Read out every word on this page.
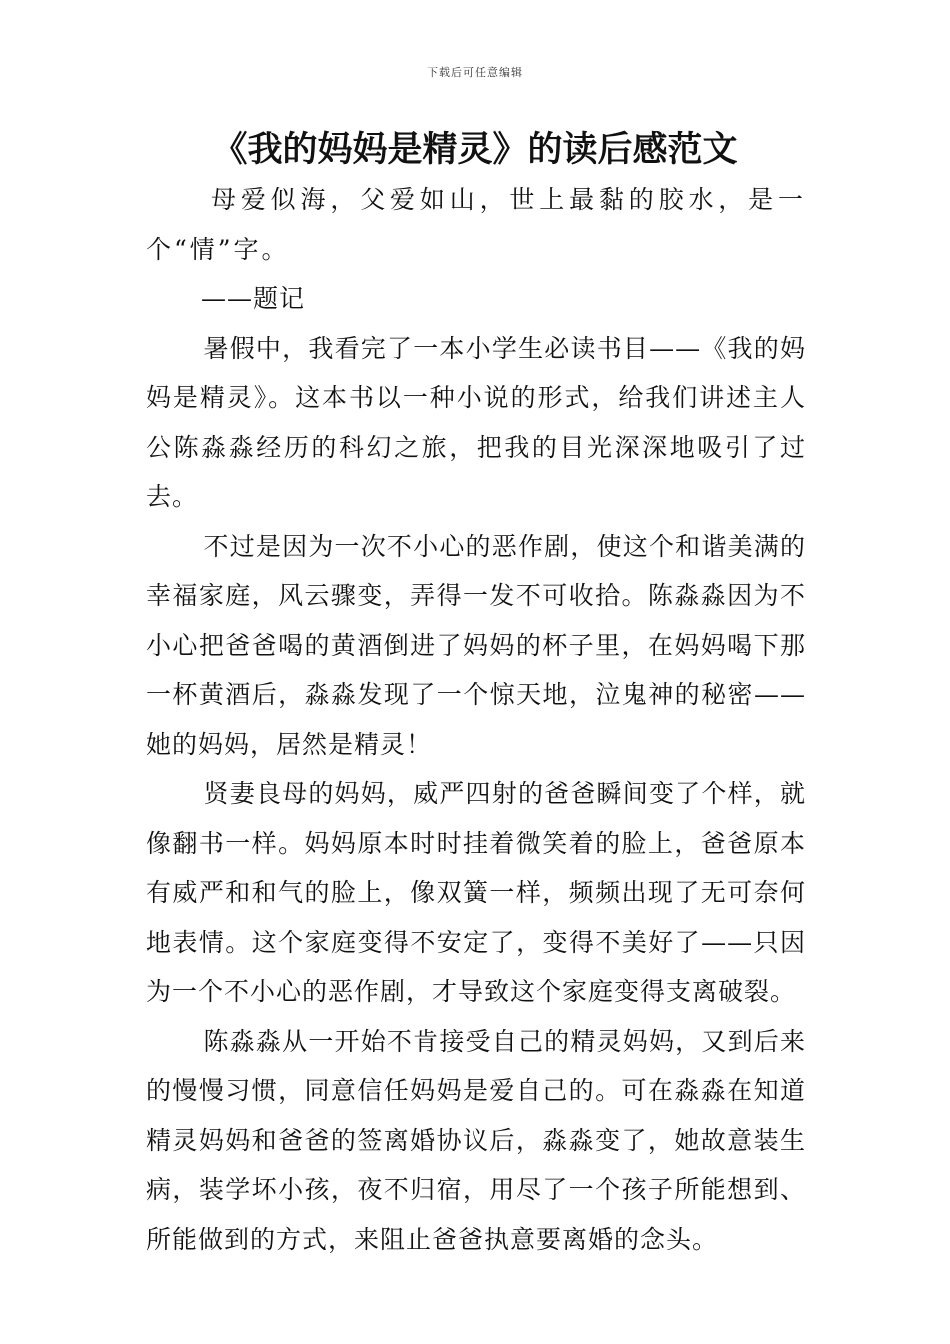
下载后可任意编辑
《我的妈妈是精灵》的读后感范文

母爱似海，父爱如山，世上最黏的胶水，是一个“情”字。

——题记

暑假中，我看完了一本小学生必读书目——《我的妈妈是精灵》。这本书以一种小说的形式，给我们讲述主人公陈淼淼经历的科幻之旅，把我的目光深深地吸引了过去。

不过是因为一次不小心的恶作剧，使这个和谐美满的幸福家庭，风云骤变，弄得一发不可收拾。陈淼淼因为不小心把爸爸喝的黄酒倒进了妈妈的杯子里，在妈妈喝下那一杯黄酒后，淼淼发现了一个惊天地，泣鬼神的秘密——她的妈妈，居然是精灵！

贤妻良母的妈妈，威严四射的爸爸瞬间变了个样，就像翻书一样。妈妈原本时时挂着微笑着的脸上，爸爸原本有威严和和气的脸上，像双簧一样，频频出现了无可奈何地表情。这个家庭变得不安定了，变得不美好了——只因为一个不小心的恶作剧，才导致这个家庭变得支离破裂。

陈淼淼从一开始不肯接受自己的精灵妈妈，又到后来的慢慢习惯，同意信任妈妈是爱自己的。可在淼淼在知道精灵妈妈和爸爸的签离婚协议后，淼淼变了，她故意装生病，装学坏小孩，夜不归宿，用尽了一个孩子所能想到、所能做到的方式，来阻止爸爸执意要离婚的念头。
